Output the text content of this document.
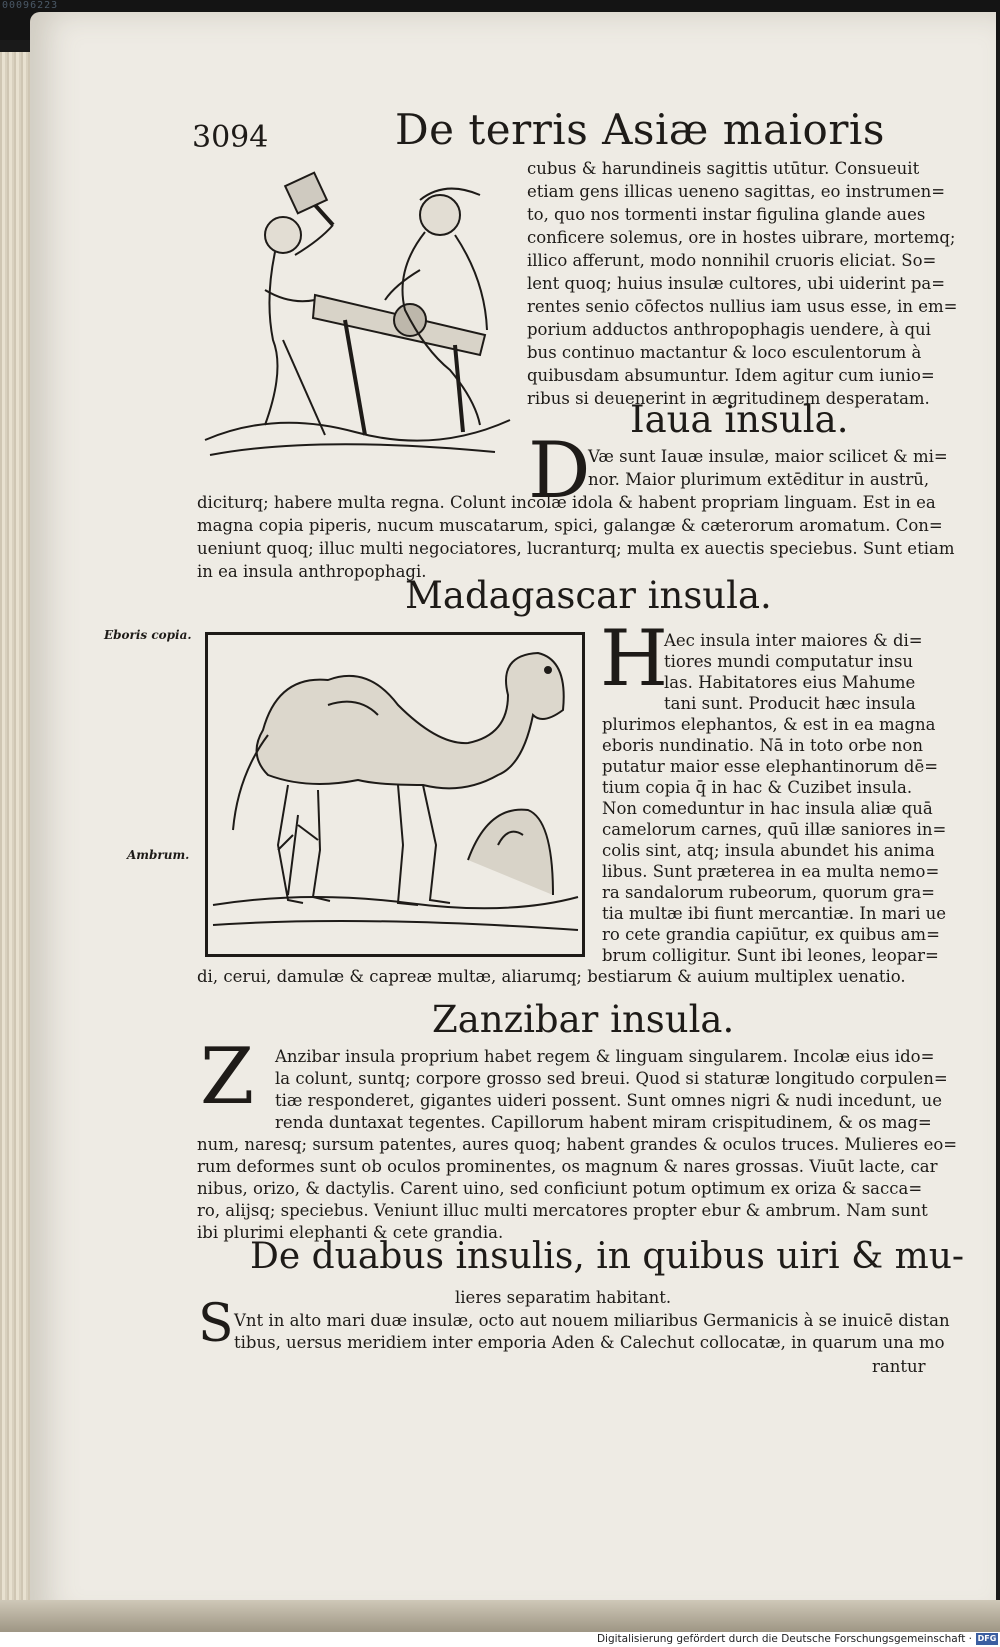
00096223
3094	De terris Asiæ maioris
cubus & harundineis sagittis utūtur. Consueuit
etiam gens illicas ueneno sagittas, eo instrumen=
to, quo nos tormenti instar figulina glande aues
conficere solemus, ore in hostes uibrare, mortemq;
illico afferunt, modo nonnihil cruoris eliciat. So=
lent quoq; huius insulæ cultores, ubi uiderint pa=
rentes senio cōfectos nullius iam usus esse, in em=
porium adductos anthropophagis uendere, à qui
bus continuo mactantur & loco esculentorum à
quibusdam absumuntur. Idem agitur cum iunio=
ribus si deuenerint in ægritudinem desperatam.
Iaua insula.
D
Væ sunt Iauæ insulæ, maior scilicet & mi=
nor. Maior plurimum extēditur in austrū,
diciturq; habere multa regna. Colunt incolæ idola & habent propriam linguam. Est in ea
magna copia piperis, nucum muscatarum, spici, galangæ & cæterorum aromatum. Con=
ueniunt quoq; illuc multi negociatores, lucranturq; multa ex auectis speciebus. Sunt etiam
in ea insula anthropophagi.
Madagascar insula.
Eboris copia.
Ambrum.
H
Aec insula inter maiores & di=
tiores mundi computatur insu
las. Habitatores eius Mahume
tani sunt. Producit hæc insula
plurimos elephantos, & est in ea magna
eboris nundinatio. Nā in toto orbe non
putatur maior esse elephantinorum dē=
tium copia q̄ in hac & Cuzibet insula.
Non comeduntur in hac insula aliæ quā
camelorum carnes, quū illæ saniores in=
colis sint, atq; insula abundet his anima
libus. Sunt præterea in ea multa nemo=
ra sandalorum rubeorum, quorum gra=
tia multæ ibi fiunt mercantiæ. In mari ue
ro cete grandia capiūtur, ex quibus am=
brum colligitur. Sunt ibi leones, leopar=
di, cerui, damulæ & capreæ multæ, aliarumq; bestiarum & auium multiplex uenatio.
Zanzibar insula.
Z Anzibar insula proprium habet regem & linguam singularem. Incolæ eius ido=
la colunt, suntq; corpore grosso sed breui. Quod si staturæ longitudo corpulen=
tiæ responderet, gigantes uideri possent. Sunt omnes nigri & nudi incedunt, ue
renda duntaxat tegentes. Capillorum habent miram crispitudinem, & os mag=
num, naresq; sursum patentes, aures quoq; habent grandes & oculos truces. Mulieres eo=
rum deformes sunt ob oculos prominentes, os magnum & nares grossas. Viuūt lacte, car
nibus, orizo, & dactylis. Carent uino, sed conficiunt potum optimum ex oriza & sacca=
ro, alijsq; speciebus. Veniunt illuc multi mercatores propter ebur & ambrum. Nam sunt
ibi plurimi elephanti & cete grandia.
De duabus insulis, in quibus uiri & mu-
lieres separatim habitant.
S Vnt in alto mari duæ insulæ, octo aut nouem miliaribus Germanicis à se inuicē distan
tibus, uersus meridiem inter emporia Aden & Calechut collocatæ, in quarum una mo
rantur
Digitalisierung gefördert durch die Deutsche Forschungsgemeinschaft · DFG
